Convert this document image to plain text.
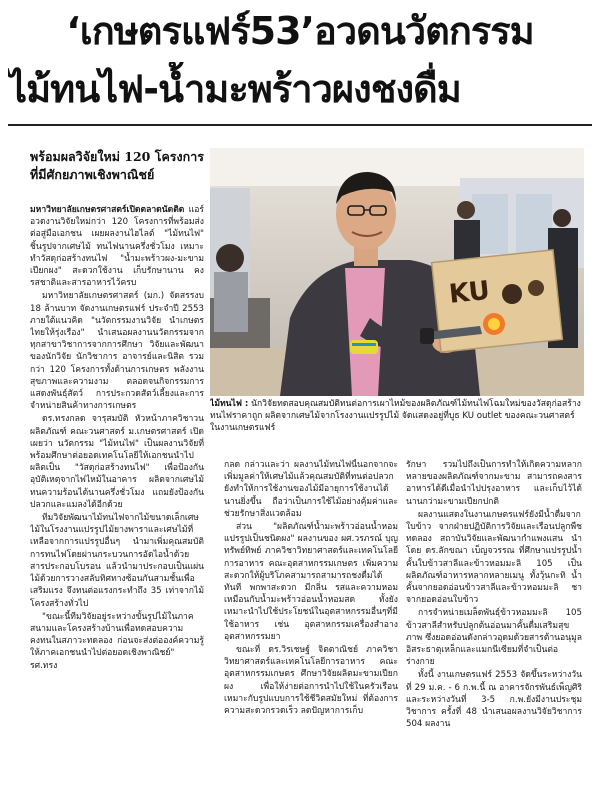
‘เกษตรแฟร์53’อวดนวัตกรรม
ไม้ทนไฟ-น้ำมะพร้าวผงชงดื่ม
พร้อมผลวิจัยใหม่ 120 โครงการ ที่มีศักยภาพเชิงพาณิชย์
KU
ไม้ทนไฟ : นักวิจัยทดสอบคุณสมบัติทนต่อการเผาไหม้ของผลิตภัณฑ์ไม้ทนไฟโฉมใหม่ของวัสดุก่อสร้างทนไฟราคาถูก ผลิตจากเศษไม้จากโรงงานแปรรูปไม้ จัดแสดงอยู่ที่บูธ KU outlet ของคณะวนศาสตร์ ในงานเกษตรแฟร์

มหาวิทยาลัยเกษตรศาสตร์เปิดตลาดนัดติด แอร์ อวดงานวิจัยใหม่กว่า 120 โครงการที่พร้อมส่งต่อสู่มือเอกชน เผยผลงานไฮไลต์ "ไม้ทนไฟ" ชิ้นรูปจากเศษไม้ ทนไฟนานครึ่งชั่วโมง เหมาะทำวัสดุก่อสร้างทนไฟ "น้ำมะพร้าวผง-มะขามเปียกผง" สะดวกใช้งาน เก็บรักษานาน คงรสชาติและสารอาหารไว้ครบ

มหาวิทยาลัยเกษตรศาสตร์ (มก.) จัดสรรงบ 18 ล้านบาท จัดงานเกษตรแฟร์ ประจำปี 2553 ภายใต้แนวคิด "นวัตกรรมงานวิจัย นำเกษตรไทยให้รุ่งเรือง" นำเสนอผลงานนวัตกรรมจากทุกสาขาวิชาการจากการศึกษา วิจัยและพัฒนาของนักวิจัย นักวิชาการ อาจารย์และนิสิต รวมกว่า 120 โครงการทั้งด้านการเกษตร พลังงาน สุขภาพและความงาม ตลอดจนกิจกรรมการแสดงพันธุ์สัตว์ การประกวดสัตว์เลี้ยงและการจำหน่ายสินค้าทางการเกษตร

ดร.ทรงกลด จารุสมบัติ หัวหน้าภาควิชาวนผลิตภัณฑ์ คณะวนศาสตร์ ม.เกษตรศาสตร์ เปิดเผยว่า นวัตกรรม "ไม้ทนไฟ" เป็นผลงานวิจัยที่พร้อมศึกษาต่อยอดเทคโนโลยีให้เอกชนนำไปผลิตเป็น "วัสดุก่อสร้างทนไฟ" เพื่อป้องกันอุบัติเหตุจากไฟไหม้ในอาคาร ผลิตจากเศษไม้ทนความร้อนได้นานครึ่งชั่วโมง แถมยังป้องกันปลวกและแมลงได้อีกด้วย

ทีมวิจัยพัฒนาไม้ทนไฟจากไม้ขนาดเล็กเศษไม้ในโรงงานแปรรูปไม้ยางพาราและเศษไม้ที่เหลือจากการแปรรูปอื่นๆ นำมาเพิ่มคุณสมบัติการทนไฟโดยผ่านกระบวนการอัดไอน้ำด้วยสารประกอบโบรอน แล้วนำมาประกอบเป็นแผ่นไม้ด้วยการวางสลับทิศทางซ้อนกันสามชั้นเพื่อเสริมแรง จึงทนต่อแรงกระทำถึง 35 เท่าจากไม้โครงสร้างทั่วไป

"ขณะนี้ทีมวิจัยอยู่ระหว่างขั้นรูปไม้ในภาคสนามและโครงสร้างบ้านเพื่อทดสอบความคงทนในสภาวะทดลอง ก่อนจะส่งต่อองค์ความรู้ให้ภาคเอกชนนำไปต่อยอดเชิงพาณิชย์" รศ.ทรง

กลด กล่าวและว่า ผลงานไม้ทนไฟนี้นอกจากจะเพิ่มมูลค่าให้เศษไม้แล้วคุณสมบัติที่ทนต่อปลวกยังทำให้การใช้งานของไม้มีอายุการใช้งานได้นานยิ่งขึ้น ถือว่าเป็นการใช้ไม้อย่างคุ้มค่าและช่วยรักษาสิ่งแวดล้อม

ส่วน "ผลิตภัณฑ์น้ำมะพร้าวอ่อนน้ำหอมแปรรูปเป็นชนิดผง" ผลงานของ ผศ.วรภรณ์ บุญทรัพย์ทิพย์ ภาควิชาวิทยาศาสตร์และเทคโนโลยีการอาหาร คณะอุตสาหกรรมเกษตร เพิ่มความสะดวกให้ผู้บริโภคสามารถสามารถชงดื่มได้ทันที พกพาสะดวก มีกลิ่น รสและความหอมเหมือนกับน้ำมะพร้าวอ่อนน้ำหอมสด ทั้งยังเหมาะนำไปใช้ประโยชน์ในอุตสาหกรรมอื่นๆที่มีใช้อาหาร เช่น อุตสาหกรรมเครื่องสำอาง อุตสาหกรรมยา

ขณะที่ ดร.วิรเชษฐ์ จิตตาณิชย์ ภาควิชาวิทยาศาสตร์และเทคโนโลยีการอาหาร คณะอุตสาหกรรมเกษตร ศึกษาวิจัยผลิตมะขามเปียกผง เพื่อให้ง่ายต่อการนำไปใช้ในครัวเรือน เหมาะกับรูปแบบการใช้ชีวิตสมัยใหม่ ที่ต้องการความสะดวกรวดเร็ว ลดปัญหาการเก็บ

รักษา รวมไปถึงเป็นการทำให้เกิดความหลากหลายของผลิตภัณฑ์จากมะขาม สามารถคงสารอาหารได้ดีเมื่อนำไปปรุงอาหาร และเก็บไว้ได้นานกว่ามะขามเปียกปกติ

ผลงานแสดงในงานเกษตรแฟร์ยังมีน้ำดื่มจากใบข้าว จากฝ่ายปฏิบัติการวิจัยและเรือนปลูกพืชทดลอง สถาบันวิจัยและพัฒนากำแพงแสน นำโดย ดร.ลักขณา เบ็ญจวรรณ ที่ศึกษาแปรรูปน้ำคั้นใบข้าวสาลีและข้าวหอมมะลิ 105 เป็นผลิตภัณฑ์อาหารหลากหลายเมนู ทั้งวุ้นกะทิ น้ำคั้นจากยอดอ่อนข้าวสาลีและข้าวหอมมะลิ ชาจากยอดอ่อนใบข้าว

การจำหน่ายเมล็ดพันธุ์ข้าวหอมมะลิ 105 ข้าวสาลีสำหรับปลูกต้นอ่อนมาคั้นดื่มเสริมสุขภาพ ซึ่งยอดอ่อนดังกล่าวอุดมด้วยสารต้านอนุมูลอิสระธาตุเหล็กและแมกนีเซียมที่จำเป็นต่อร่างกาย

ทั้งนี้ งานเกษตรแฟร์ 2553 จัดขึ้นระหว่างวันที่ 29 ม.ค. - 6 ก.พ.นี้ ณ อาคารจักรพันธ์เพ็ญศิริ และระหว่างวันที่ 3-5 ก.พ.ยังมีงานประชุมวิชาการ ครั้งที่ 48 นำเสนอผลงานวิจัยวิชาการ 504 ผลงาน
